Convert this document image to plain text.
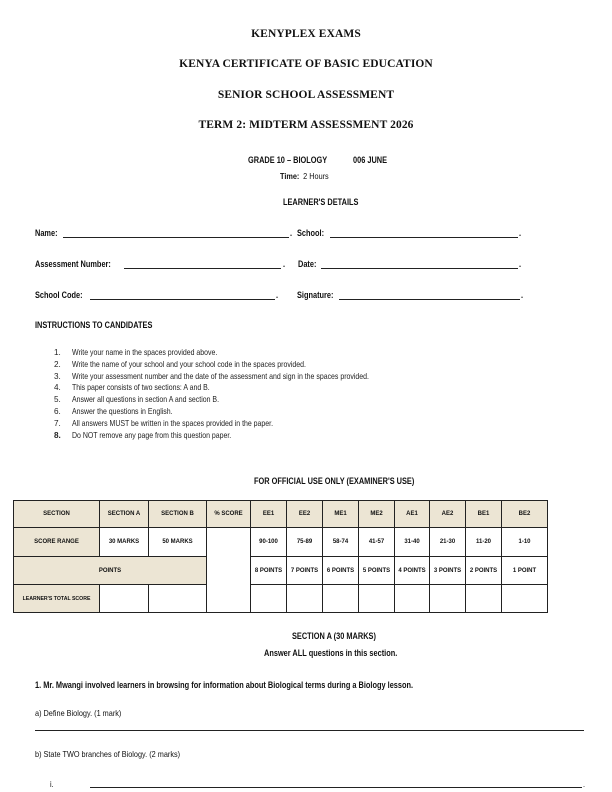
KENYPLEX EXAMS
KENYA CERTIFICATE OF BASIC EDUCATION
SENIOR SCHOOL ASSESSMENT
TERM 2: MIDTERM ASSESSMENT 2026
GRADE 10 – BIOLOGY	006 JUNE
Time: 2 Hours
LEARNER'S DETAILS
Name:	. School:	.
Assessment Number:	. Date:	.
School Code:	. Signature:	.
INSTRUCTIONS TO CANDIDATES
1. Write your name in the spaces provided above.
2. Write the name of your school and your school code in the spaces provided.
3. Write your assessment number and the date of the assessment and sign in the spaces provided.
4. This paper consists of two sections: A and B.
5. Answer all questions in section A and section B.
6. Answer the questions in English.
7. All answers MUST be written in the spaces provided in the paper.
8. Do NOT remove any page from this question paper.
FOR OFFICIAL USE ONLY (EXAMINER'S USE)
SECTION	SECTION A	SECTION B	% SCORE	EE1	EE2	ME1	ME2	AE1	AE2	BE1	BE2
SCORE RANGE	30 MARKS	50 MARKS		90-100	75-89	58-74	41-57	31-40	21-30	11-20	1-10
POINTS				8 POINTS	7 POINTS	6 POINTS	5 POINTS	4 POINTS	3 POINTS	2 POINTS	1 POINT
LEARNER'S TOTAL SCORE											
SECTION A (30 MARKS)
Answer ALL questions in this section.
1. Mr. Mwangi involved learners in browsing for information about Biological terms during a Biology lesson.
a) Define Biology. (1 mark)
b) State TWO branches of Biology. (2 marks)
i.	.
